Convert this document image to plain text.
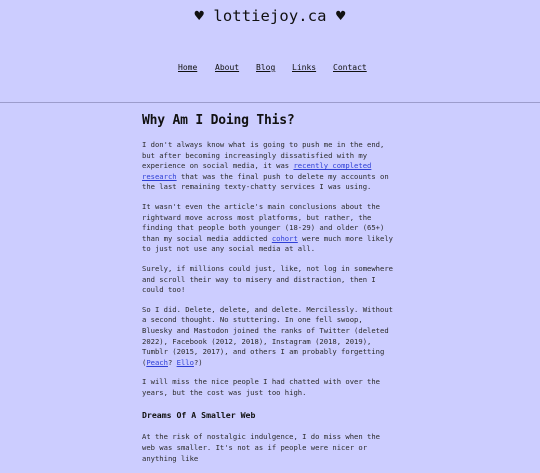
♥ lottiejoy.ca ♥
Home About Blog Links Contact
Why Am I Doing This?

I don't always know what is going to push me in the end, but after becoming increasingly dissatisfied with my experience on social media, it was recently completed research that was the final push to delete my accounts on the last remaining texty-chatty services I was using.

It wasn't even the article's main conclusions about the rightward move across most platforms, but rather, the finding that people both younger (18-29) and older (65+) than my social media addicted cohort were much more likely to just not use any social media at all.

Surely, if millions could just, like, not log in somewhere and scroll their way to misery and distraction, then I could too!

So I did. Delete, delete, and delete. Mercilessly. Without a second thought. No stuttering. In one fell swoop, Bluesky and Mastodon joined the ranks of Twitter (deleted 2022), Facebook (2012, 2018), Instagram (2018, 2019), Tumblr (2015, 2017), and others I am probably forgetting (Peach? Ello?)

I will miss the nice people I had chatted with over the years, but the cost was just too high.

Dreams Of A Smaller Web

At the risk of nostalgic indulgence, I do miss when the web was smaller. It's not as if people were nicer or anything like
